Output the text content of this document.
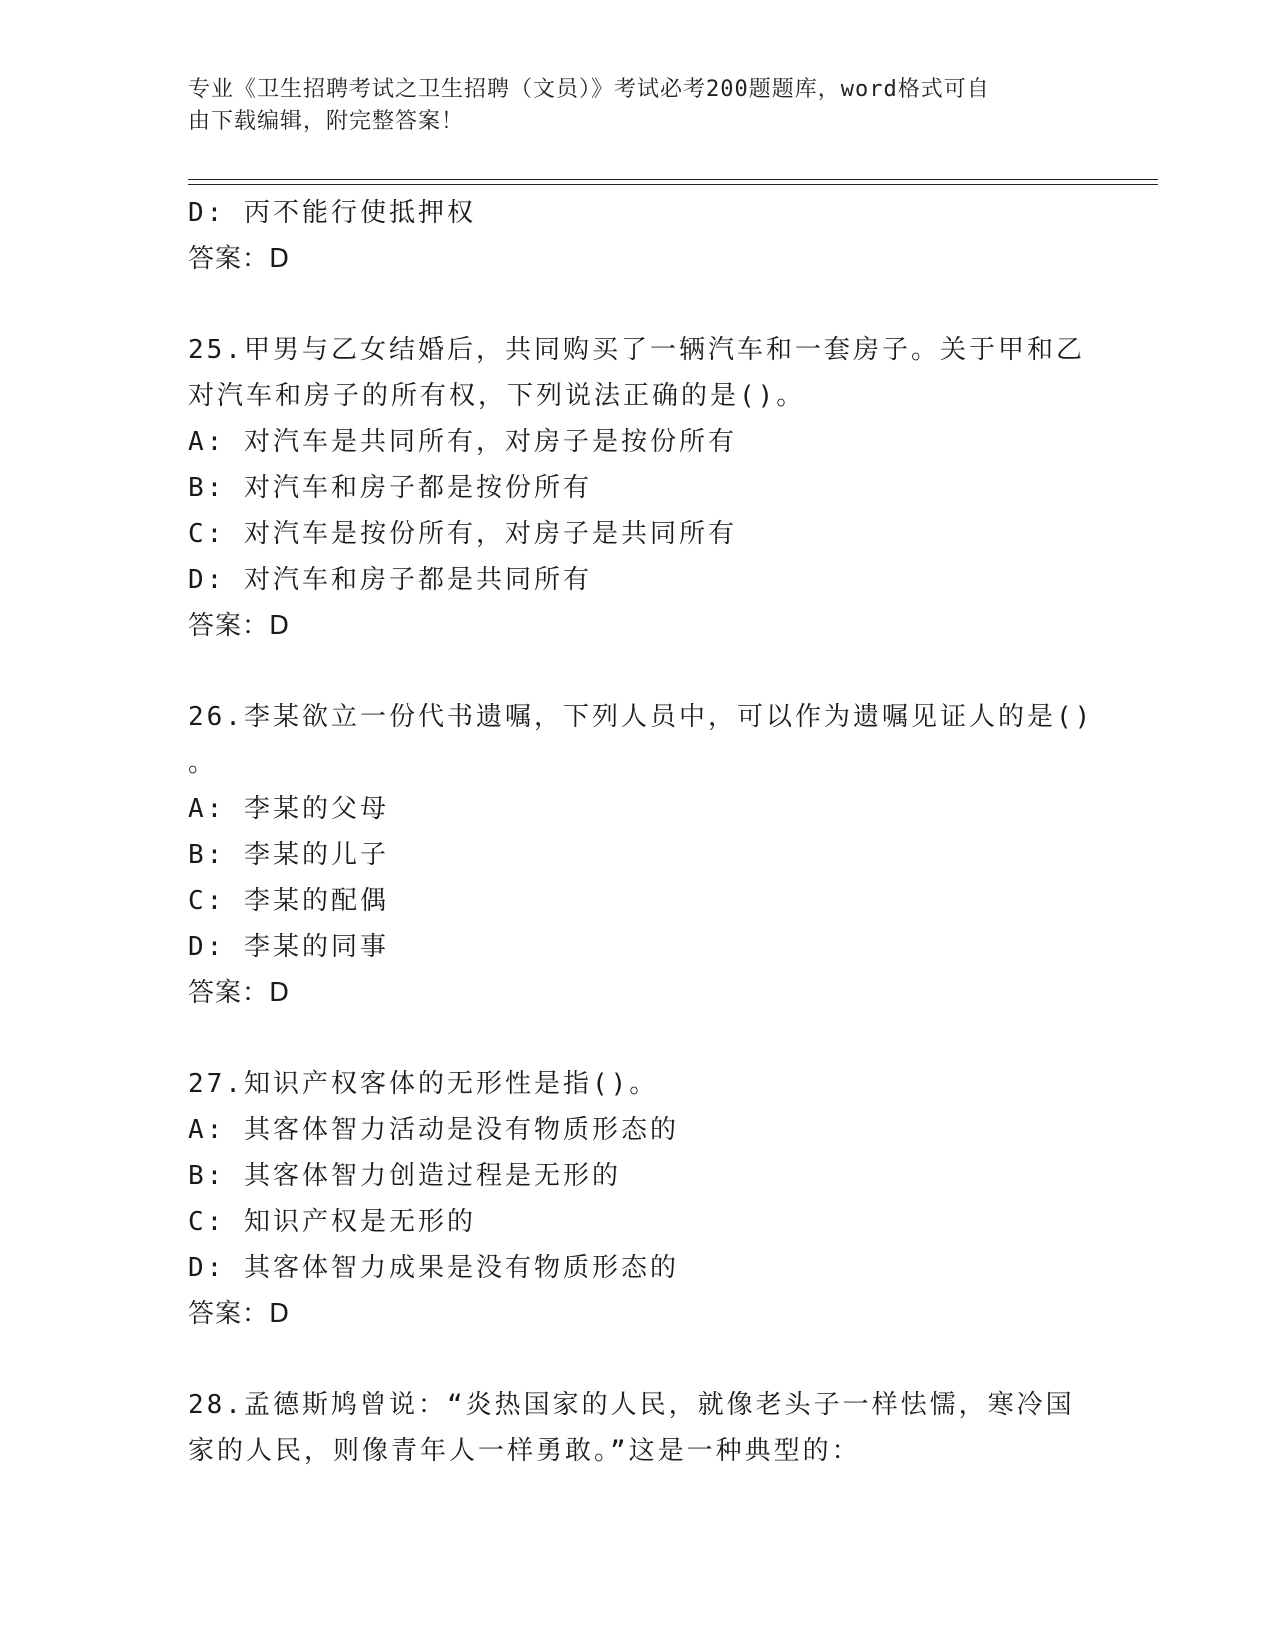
专业《卫生招聘考试之卫生招聘（文员）》考试必考200题题库，word格式可自
由下载编辑，附完整答案！
D: 丙不能行使抵押权
答案：D
25.甲男与乙女结婚后，共同购买了一辆汽车和一套房子。关于甲和乙
对汽车和房子的所有权，下列说法正确的是()。
A: 对汽车是共同所有，对房子是按份所有
B: 对汽车和房子都是按份所有
C: 对汽车是按份所有，对房子是共同所有
D: 对汽车和房子都是共同所有
答案：D
26.李某欲立一份代书遗嘱，下列人员中，可以作为遗嘱见证人的是()
。
A: 李某的父母
B: 李某的儿子
C: 李某的配偶
D: 李某的同事
答案：D
27.知识产权客体的无形性是指()。
A: 其客体智力活动是没有物质形态的
B: 其客体智力创造过程是无形的
C: 知识产权是无形的
D: 其客体智力成果是没有物质形态的
答案：D
28.孟德斯鸠曾说：“炎热国家的人民，就像老头子一样怯懦，寒冷国
家的人民，则像青年人一样勇敢。”这是一种典型的：
